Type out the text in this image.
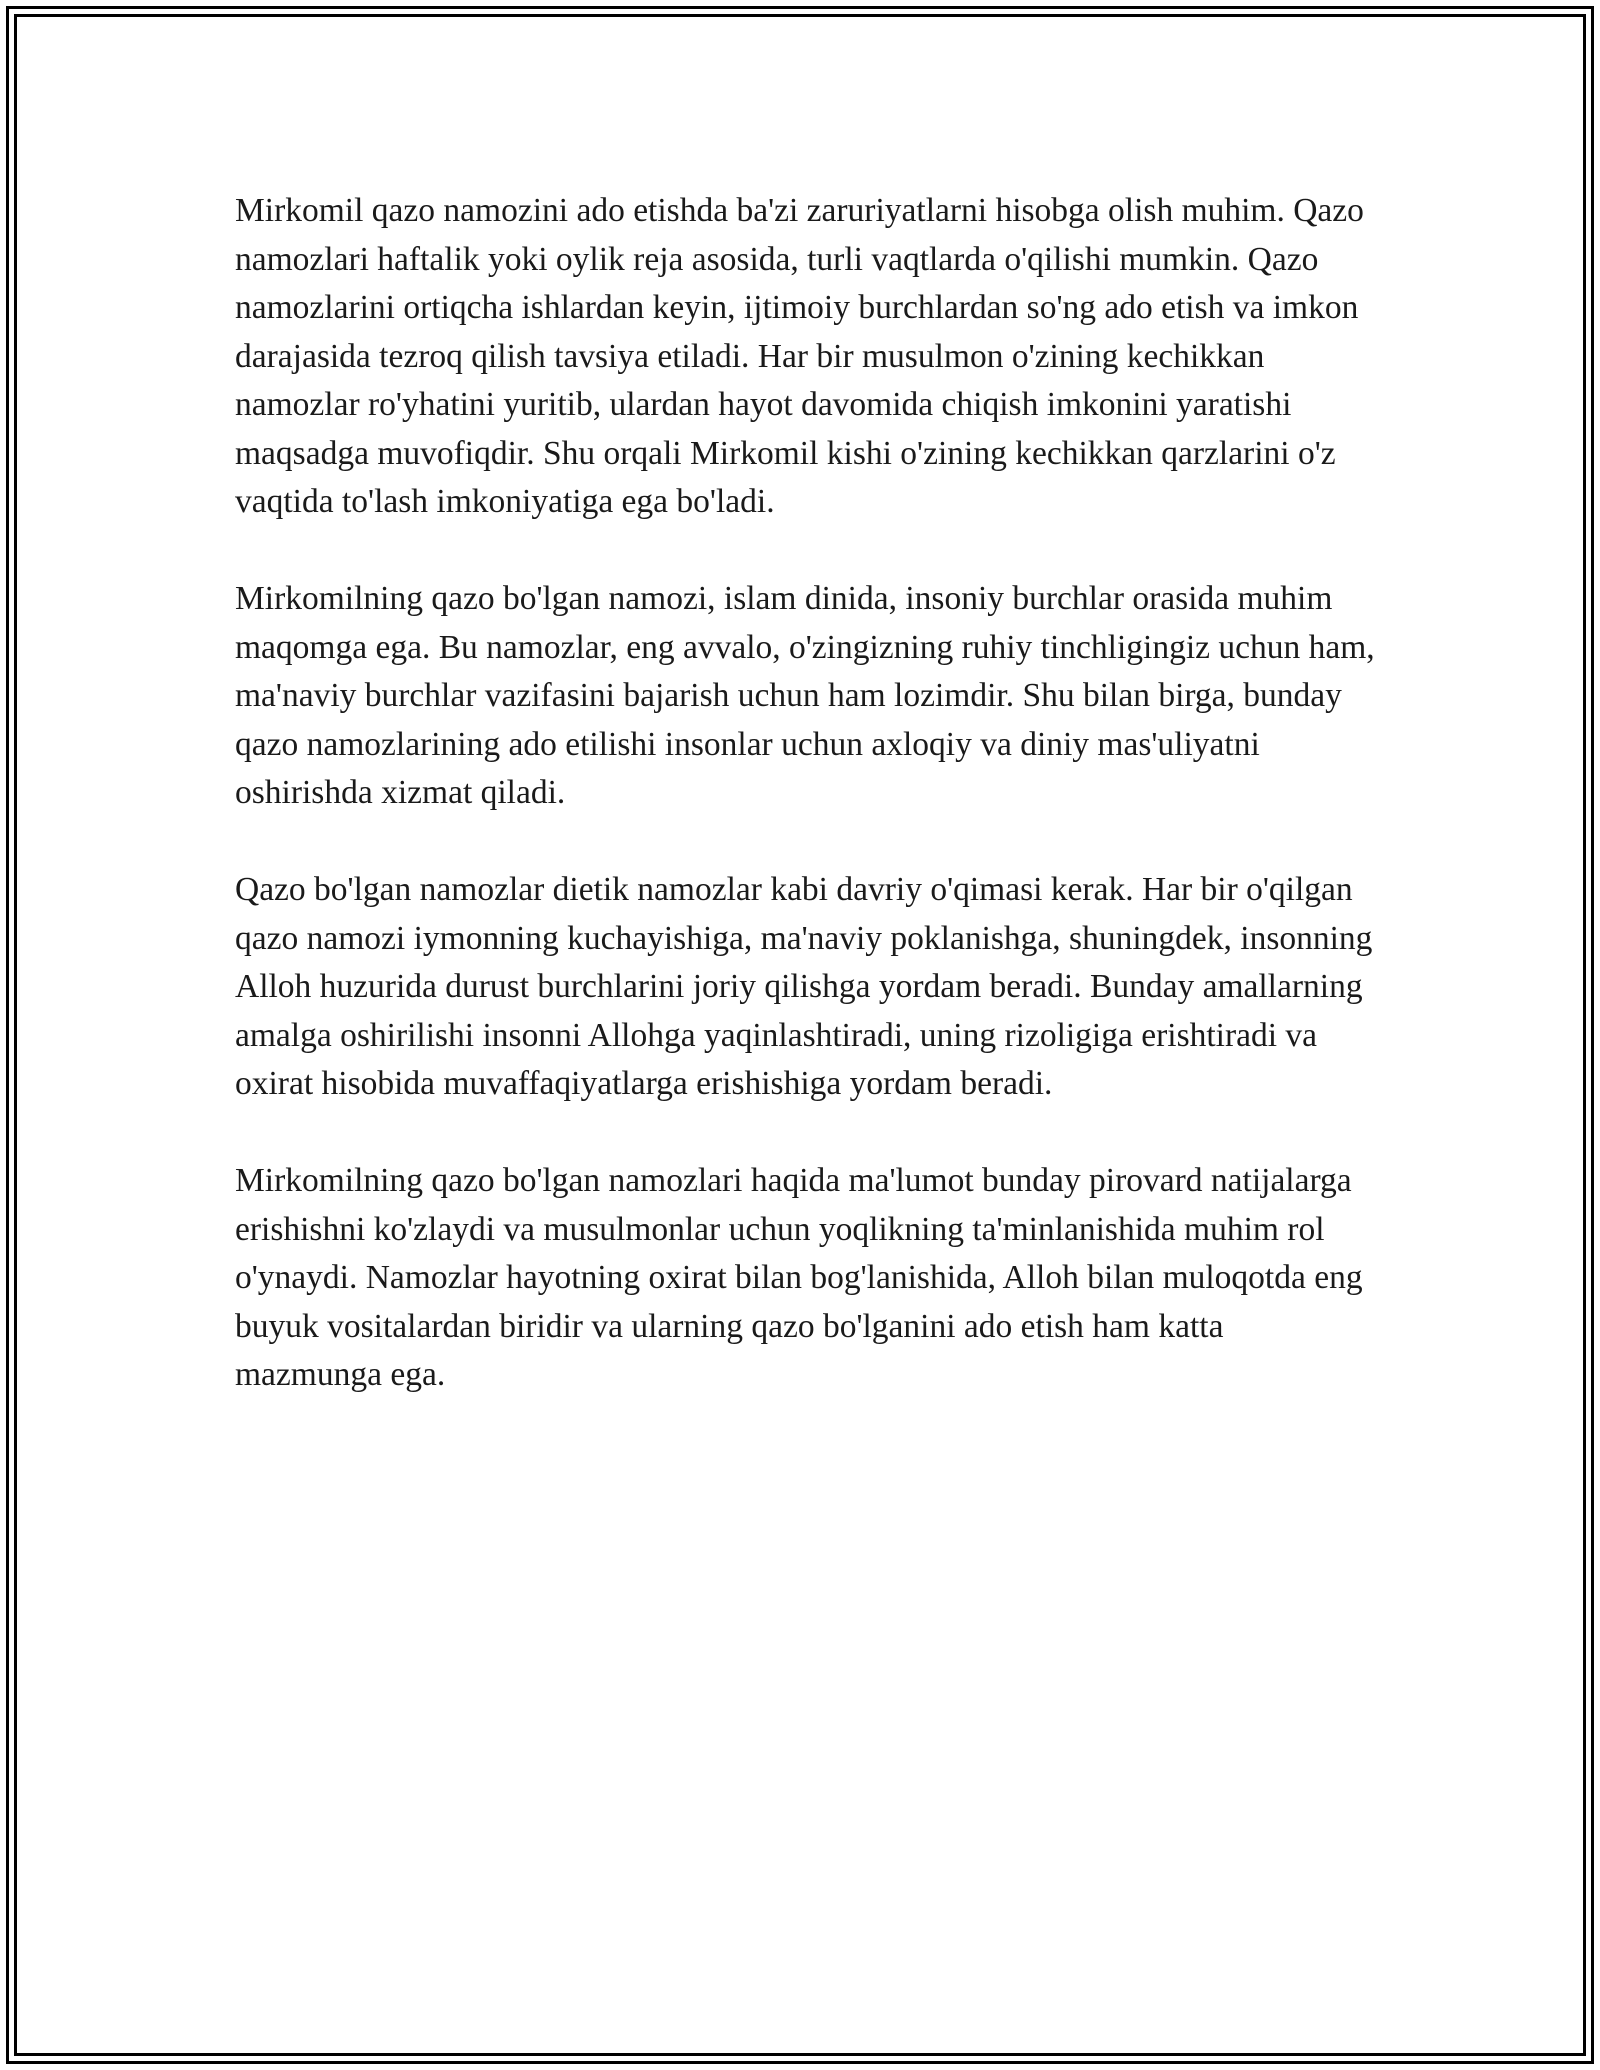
Mirkomil qazo namozini ado etishda ba'zi zaruriyatlarni hisobga olish muhim. Qazo namozlari haftalik yoki oylik reja asosida, turli vaqtlarda o'qilishi mumkin. Qazo namozlarini ortiqcha ishlardan keyin, ijtimoiy burchlardan so'ng ado etish va imkon darajasida tezroq qilish tavsiya etiladi. Har bir musulmon o'zining kechikkan namozlar ro'yhatini yuritib, ulardan hayot davomida chiqish imkonini yaratishi maqsadga muvofiqdir. Shu orqali Mirkomil kishi o'zining kechikkan qarzlarini o'z vaqtida to'lash imkoniyatiga ega bo'ladi.

Mirkomilning qazo bo'lgan namozi, islam dinida, insoniy burchlar orasida muhim maqomga ega. Bu namozlar, eng avvalo, o'zingizning ruhiy tinchligingiz uchun ham, ma'naviy burchlar vazifasini bajarish uchun ham lozimdir. Shu bilan birga, bunday qazo namozlarining ado etilishi insonlar uchun axloqiy va diniy mas'uliyatni oshirishda xizmat qiladi.

Qazo bo'lgan namozlar dietik namozlar kabi davriy o'qimasi kerak. Har bir o'qilgan qazo namozi iymonning kuchayishiga, ma'naviy poklanishga, shuningdek, insonning Alloh huzurida durust burchlarini joriy qilishga yordam beradi. Bunday amallarning amalga oshirilishi insonni Allohga yaqinlashtiradi, uning rizoligiga erishtiradi va oxirat hisobida muvaffaqiyatlarga erishishiga yordam beradi.

Mirkomilning qazo bo'lgan namozlari haqida ma'lumot bunday pirovard natijalarga erishishni ko'zlaydi va musulmonlar uchun yoqlikning ta'minlanishida muhim rol o'ynaydi. Namozlar hayotning oxirat bilan bog'lanishida, Alloh bilan muloqotda eng buyuk vositalardan biridir va ularning qazo bo'lganini ado etish ham katta mazmunga ega.
